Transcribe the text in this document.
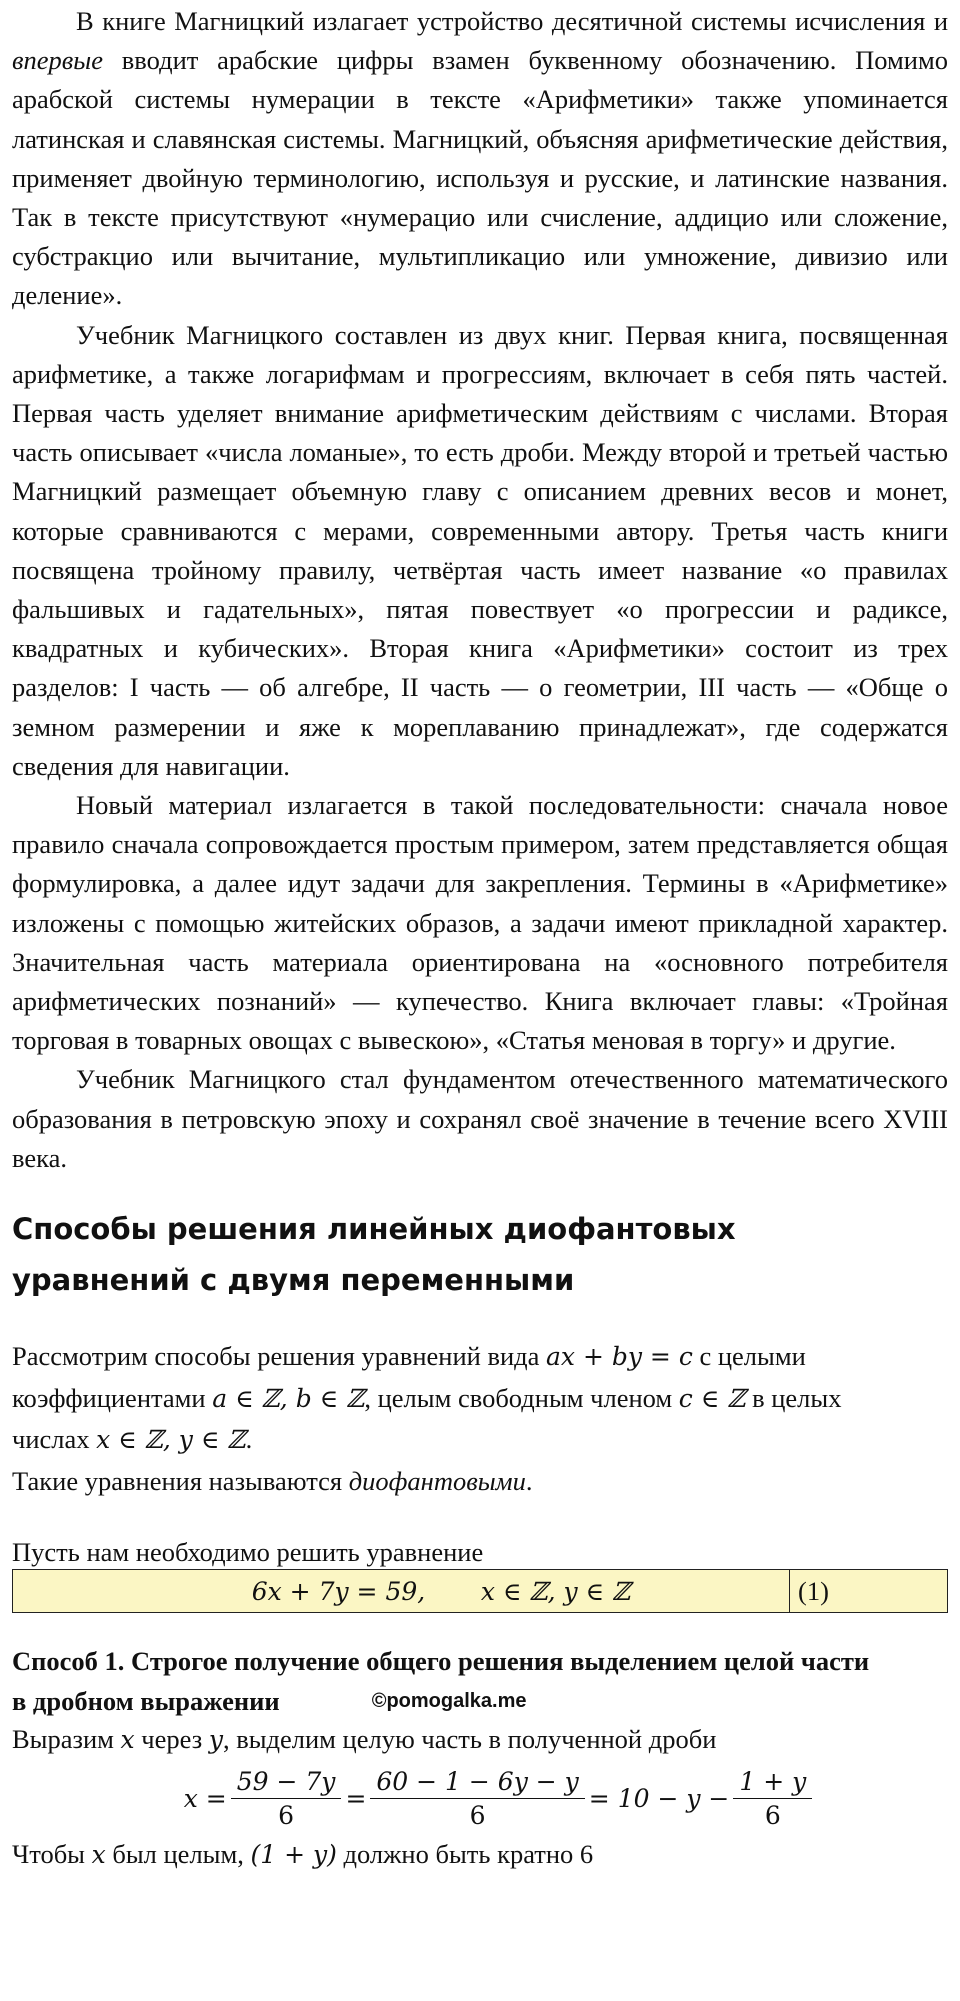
В книге Магницкий излагает устройство десятичной системы исчисления и впервые вводит арабские цифры взамен буквенному обозначению. Помимо арабской системы нумерации в тексте «Арифметики» также упоминается латинская и славянская системы. Магницкий, объясняя арифметические действия, применяет двойную терминологию, используя и русские, и латинские названия. Так в тексте присутствуют «нумерацио или счисление, аддицио или сложение, субстракцио или вычитание, мультипликацио или умножение, дивизио или деление».

Учебник Магницкого составлен из двух книг. Первая книга, посвященная арифметике, а также логарифмам и прогрессиям, включает в себя пять частей. Первая часть уделяет внимание арифметическим действиям с числами. Вторая часть описывает «числа ломаные», то есть дроби. Между второй и третьей частью Магницкий размещает объемную главу с описанием древних весов и монет, которые сравниваются с мерами, современными автору. Третья часть книги посвящена тройному правилу, четвёртая часть имеет название «о правилах фальшивых и гадательных», пятая повествует «о прогрессии и радиксе, квадратных и кубических». Вторая книга «Арифметики» состоит из трех разделов: I часть — об алгебре, II часть — о геометрии, III часть — «Обще о земном размерении и яже к мореплаванию принадлежат», где содержатся сведения для навигации.

Новый материал излагается в такой последовательности: сначала новое правило сначала сопровождается простым примером, затем представляется общая формулировка, а далее идут задачи для закрепления. Термины в «Арифметике» изложены с помощью житейских образов, а задачи имеют прикладной характер. Значительная часть материала ориентирована на «основного потребителя арифметических познаний» — купечество. Книга включает главы: «Тройная торговая в товарных овощах с вывескою», «Статья меновая в торгу» и другие.

Учебник Магницкого стал фундаментом отечественного математического образования в петровскую эпоху и сохранял своё значение в течение всего XVIII века.

Способы решения линейных диофантовых
уравнений с двумя переменными

Рассмотрим способы решения уравнений вида ax + by = c с целыми

коэффициентами a ∈ ℤ, b ∈ ℤ, целым свободным членом c ∈ ℤ в целых

числах x ∈ ℤ, y ∈ ℤ.

Такие уравнения называются диофантовыми.

Пусть нам необходимо решить уравнение

6x + 7y = 59,       x ∈ ℤ, y ∈ ℤ	(1)

Способ 1. Строгое получение общего решения выделением целой части

в дробном выражении	©pomogalka.me

Выразим x через y, выделим целую часть в полученной дроби

$x = \frac{59 - 7y}{6} = \frac{60 - 1 - 6y - y}{6} = 10 - y - \frac{1 + y}{6}$

Чтобы x был целым, (1 + y) должно быть кратно 6
